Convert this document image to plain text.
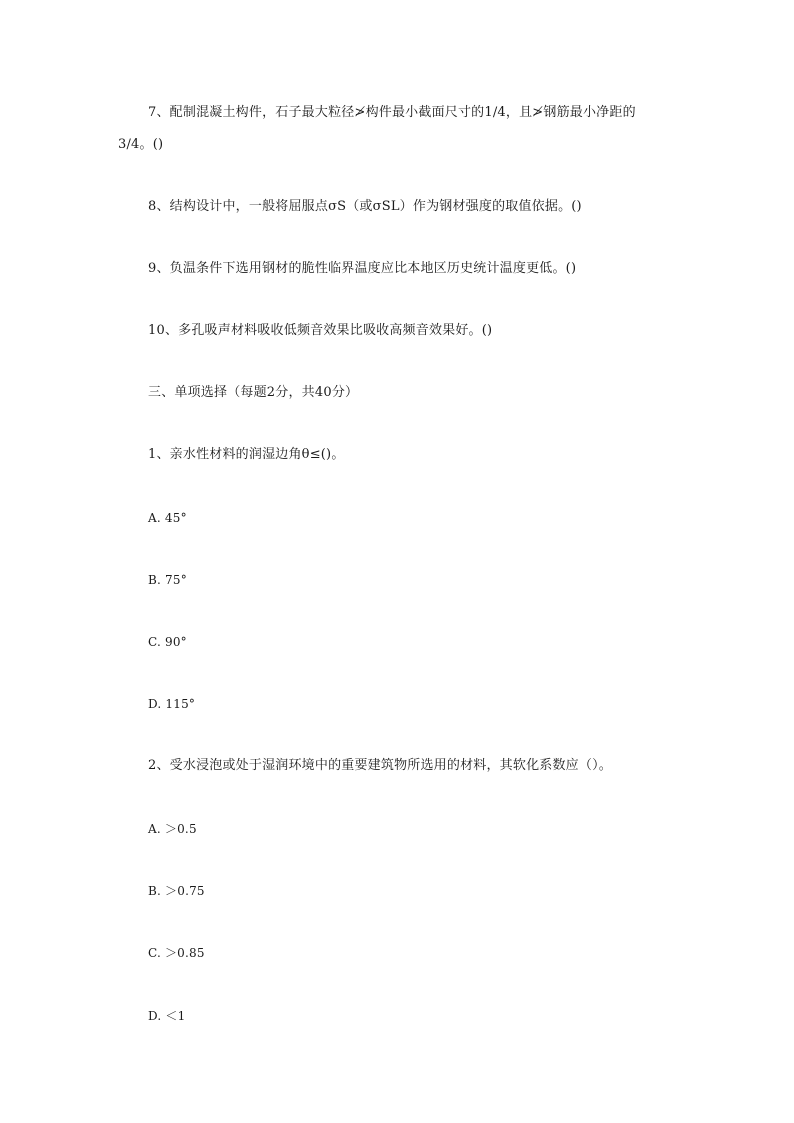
7、配制混凝土构件，石子最大粒径≯构件最小截面尺寸的1/4，且≯钢筋最小净距的
3/4。()
8、结构设计中，一般将屈服点σS（或σSL）作为钢材强度的取值依据。()
9、负温条件下选用钢材的脆性临界温度应比本地区历史统计温度更低。()
10、多孔吸声材料吸收低频音效果比吸收高频音效果好。()
三、单项选择（每题2分，共40分）
1、亲水性材料的润湿边角θ≤()。
A. 45°
B. 75°
C. 90°
D. 115°
2、受水浸泡或处于湿润环境中的重要建筑物所选用的材料，其软化系数应（）。
A. ＞0.5
B. ＞0.75
C. ＞0.85
D. ＜1
